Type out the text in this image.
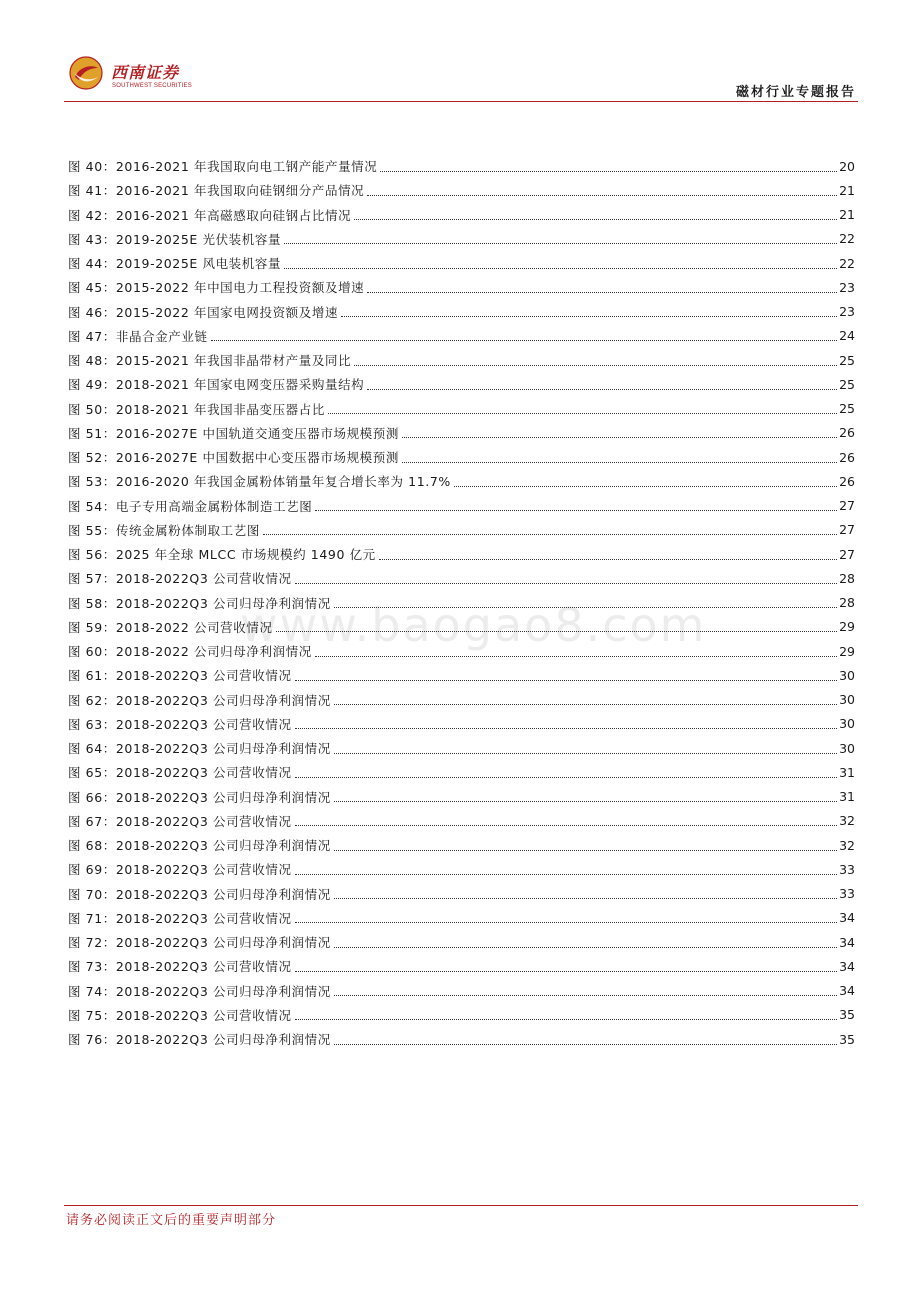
西南证券
SOUTHWEST SECURITIES	磁材行业专题报告
www.baogao8.com
图 40：2016-2021 年我国取向电工钢产能产量情况	20
图 41：2016-2021 年我国取向硅钢细分产品情况	21
图 42：2016-2021 年高磁感取向硅钢占比情况	21
图 43：2019-2025E 光伏装机容量	22
图 44：2019-2025E 风电装机容量	22
图 45：2015-2022 年中国电力工程投资额及增速	23
图 46：2015-2022 年国家电网投资额及增速	23
图 47：非晶合金产业链	24
图 48：2015-2021 年我国非晶带材产量及同比	25
图 49：2018-2021 年国家电网变压器采购量结构	25
图 50：2018-2021 年我国非晶变压器占比	25
图 51：2016-2027E 中国轨道交通变压器市场规模预测	26
图 52：2016-2027E 中国数据中心变压器市场规模预测	26
图 53：2016-2020 年我国金属粉体销量年复合增长率为 11.7%	26
图 54：电子专用高端金属粉体制造工艺图	27
图 55：传统金属粉体制取工艺图	27
图 56：2025 年全球 MLCC 市场规模约 1490 亿元	27
图 57：2018-2022Q3 公司营收情况	28
图 58：2018-2022Q3 公司归母净利润情况	28
图 59：2018-2022 公司营收情况	29
图 60：2018-2022 公司归母净利润情况	29
图 61：2018-2022Q3 公司营收情况	30
图 62：2018-2022Q3 公司归母净利润情况	30
图 63：2018-2022Q3 公司营收情况	30
图 64：2018-2022Q3 公司归母净利润情况	30
图 65：2018-2022Q3 公司营收情况	31
图 66：2018-2022Q3 公司归母净利润情况	31
图 67：2018-2022Q3 公司营收情况	32
图 68：2018-2022Q3 公司归母净利润情况	32
图 69：2018-2022Q3 公司营收情况	33
图 70：2018-2022Q3 公司归母净利润情况	33
图 71：2018-2022Q3 公司营收情况	34
图 72：2018-2022Q3 公司归母净利润情况	34
图 73：2018-2022Q3 公司营收情况	34
图 74：2018-2022Q3 公司归母净利润情况	34
图 75：2018-2022Q3 公司营收情况	35
图 76：2018-2022Q3 公司归母净利润情况	35
请务必阅读正文后的重要声明部分
